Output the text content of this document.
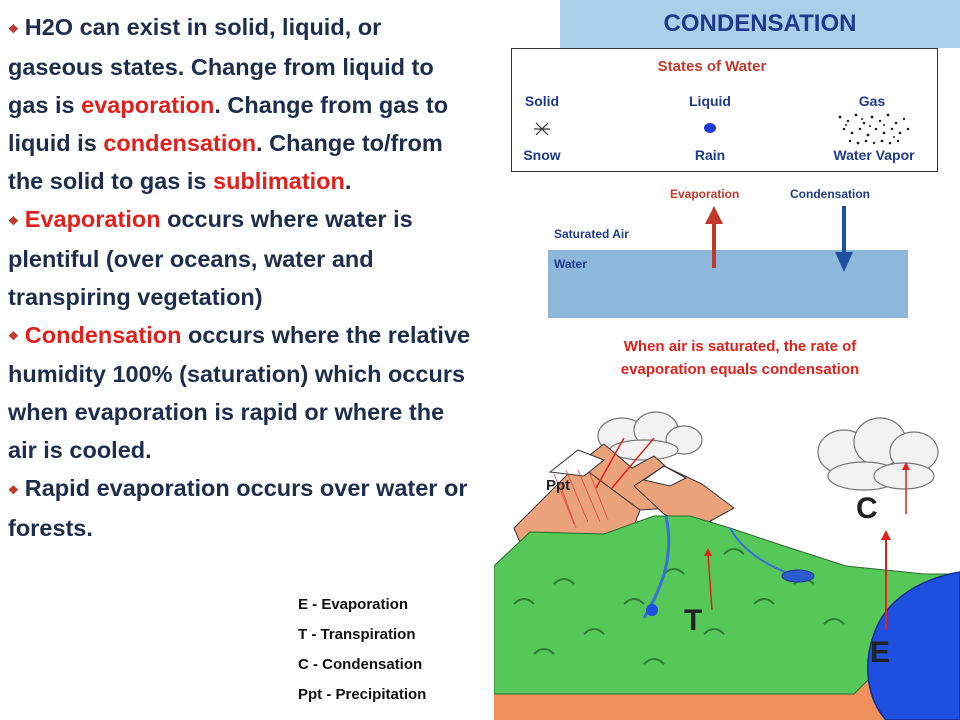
❖ H2O can exist in solid, liquid, or gaseous states. Change from liquid to gas is evaporation. Change from gas to liquid is condensation. Change to/from the solid to gas is sublimation.

❖ Evaporation occurs where water is plentiful (over oceans, water and transpiring vegetation)

❖ Condensation occurs where the relative humidity 100% (saturation) which occurs when evaporation is rapid or where the air is cooled.

❖ Rapid evaporation occurs over water or forests.

CONDENSATION
States of Water
Solid
Snow
Liquid
Rain
Gas
Water Vapor
Evaporation	Condensation
Saturated Air
Water
When air is saturated, the rate of
evaporation equals condensation
Ppt
C
T
E
E - Evaporation
T - Transpiration
C - Condensation
Ppt - Precipitation
